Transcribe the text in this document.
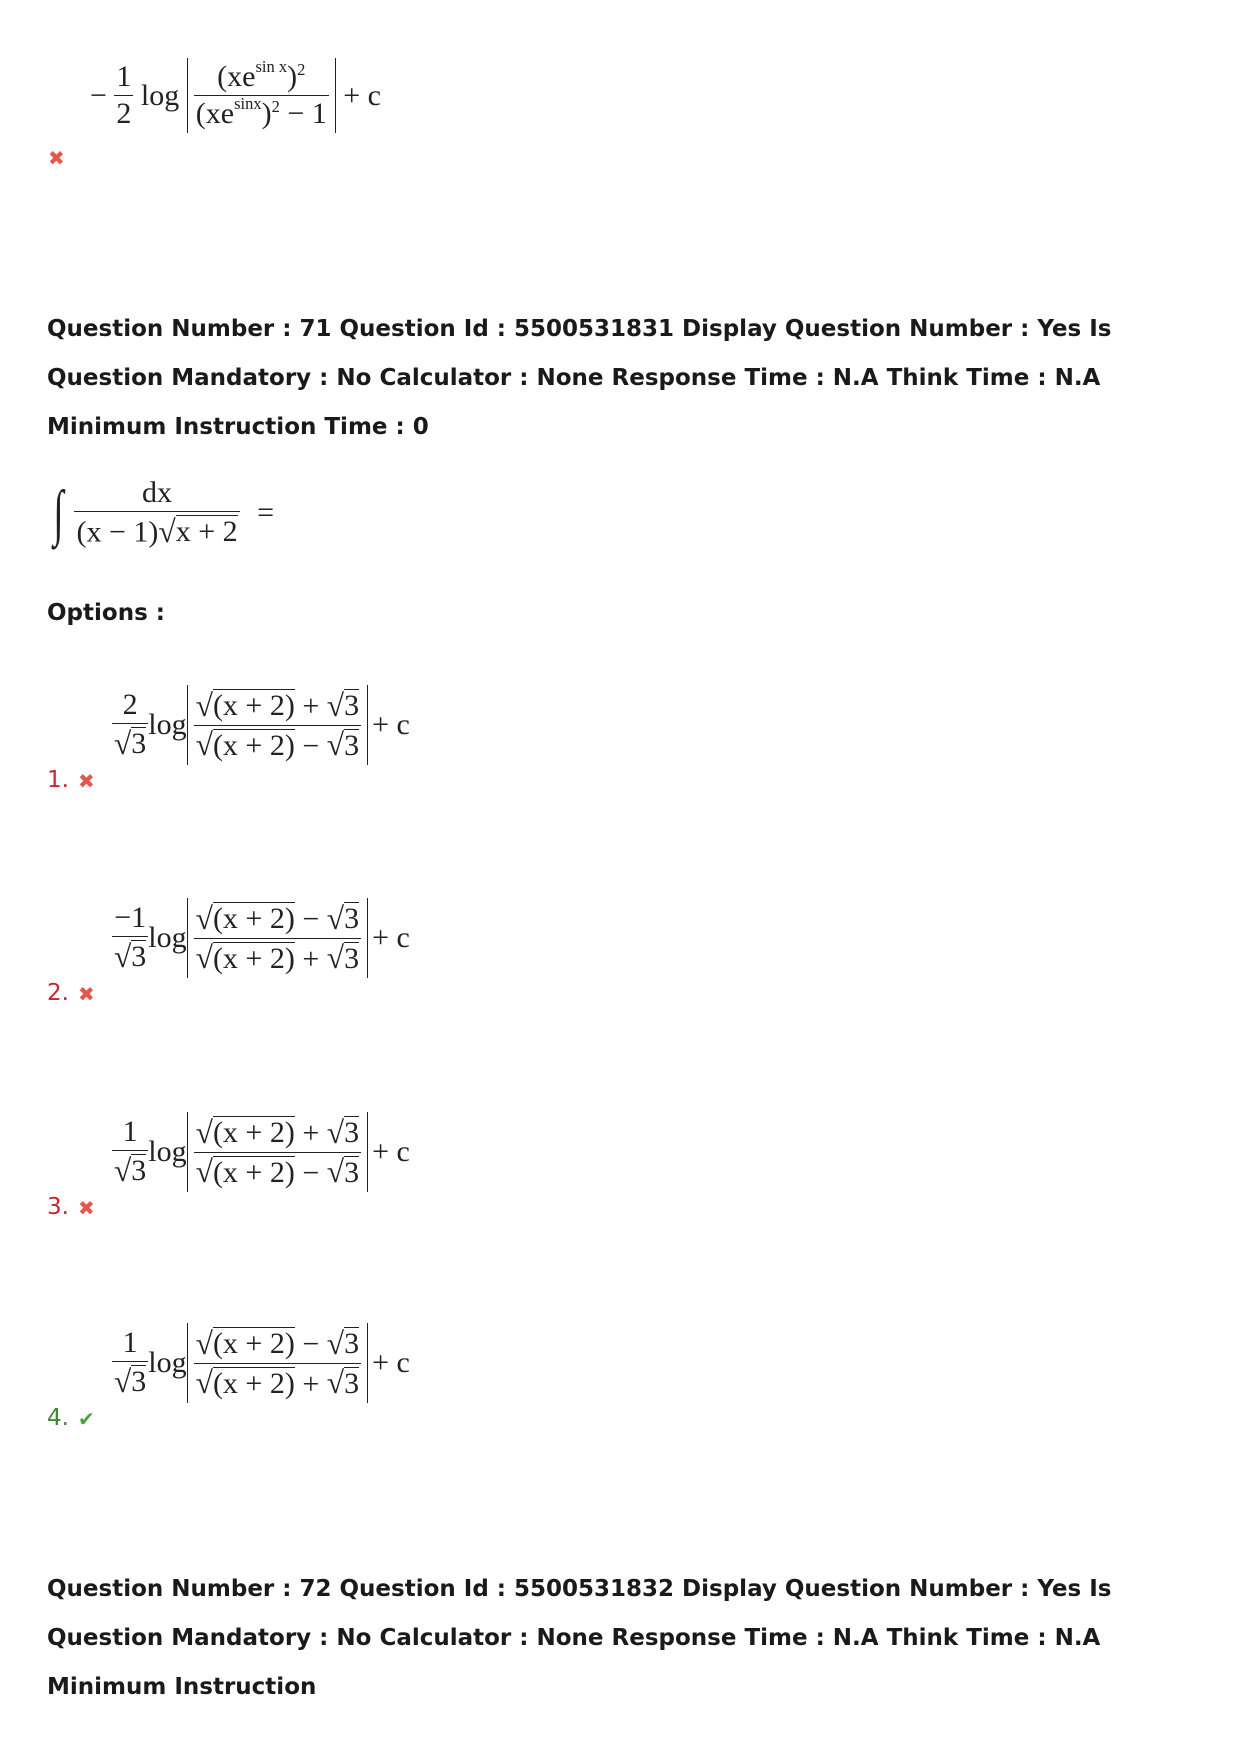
− $\frac{1}{2}$ $\log \frac{(xe^{sin x})^2}{(xe^{sinx})^2 - 1} + c$
✖
Question Number : 71 Question Id : 5500531831 Display Question Number : Yes Is Question Mandatory : No Calculator : None Response Time : N.A Think Time : N.A Minimum Instruction Time : 0
∫ $\frac{dx}{(x - 1) √ x + 2}$ =
Options :
1. ✖
$\frac{2}{√ 3}$ $\log \frac{√ (x + 2) + √ 3}{√ (x + 2) - √ 3} + c$
2. ✖
$\frac{-1}{√ 3}$ $\log \frac{√ (x + 2) - √ 3}{√ (x + 2) + √ 3} + c$
3. ✖
$\frac{1}{√ 3}$ $\log \frac{√ (x + 2) + √ 3}{√ (x + 2) - √ 3} + c$
4. ✔
$\frac{1}{√ 3}$ $\log \frac{√ (x + 2) - √ 3}{√ (x + 2) + √ 3} + c$
Question Number : 72 Question Id : 5500531832 Display Question Number : Yes Is Question Mandatory : No Calculator : None Response Time : N.A Think Time : N.A Minimum Instruction
